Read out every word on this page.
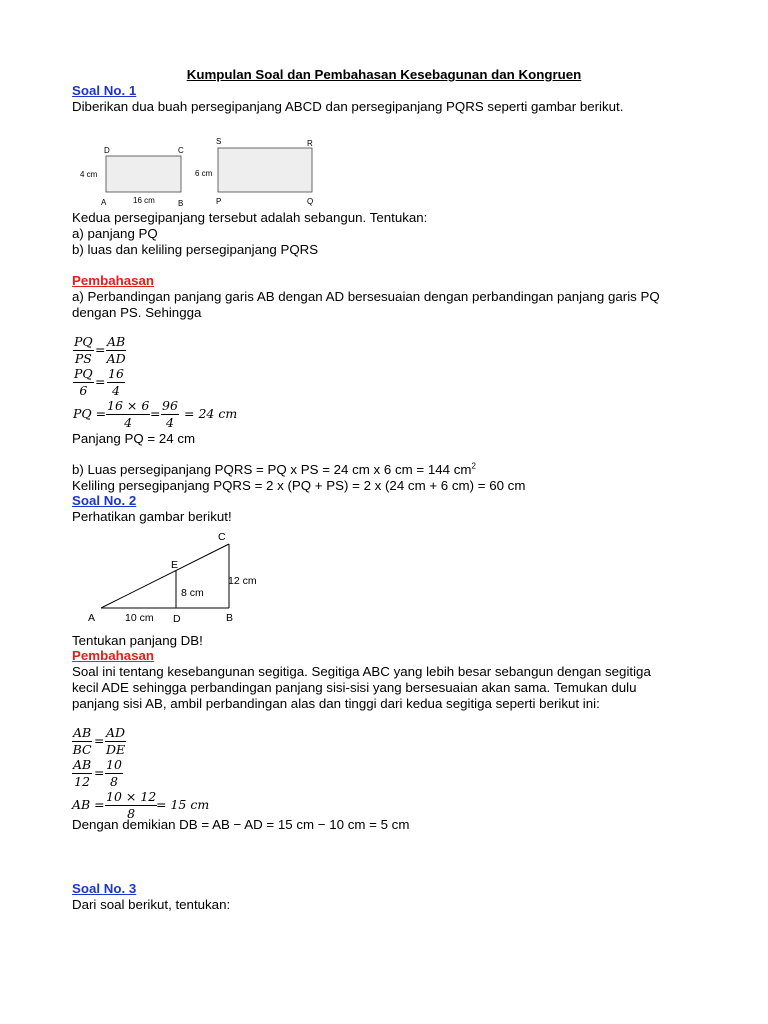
Kumpulan Soal dan Pembahasan Kesebagunan dan Kongruen
Soal No. 1
Diberikan dua buah persegipanjang ABCD dan persegipanjang PQRS seperti gambar berikut.
D	C
A	B
4 cm
16 cm
S	R
P	Q
6 cm
Kedua persegipanjang tersebut adalah sebangun. Tentukan:
a) panjang PQ
b) luas dan keliling persegipanjang PQRS
Pembahasan
a) Perbandingan panjang garis AB dengan AD bersesuaian dengan perbandingan panjang garis PQ
dengan PS. Sehingga
$\frac{PQ}{PS} = \frac{AB}{AD}$
$\frac{PQ}{6} = \frac{16}{4}$
PQ = $\frac{16 \times 6}{4} = \frac{96}{4} = 24$ cm
Panjang PQ = 24 cm
b) Luas persegipanjang PQRS = PQ x PS = 24 cm x 6 cm = 144 $cm^2$
Keliling persegipanjang PQRS = 2 x (PQ + PS) = 2 x (24 cm + 6 cm) = 60 cm
Soal No. 2
Perhatikan gambar berikut!
C
E
12 cm
8 cm
A	10 cm D	B
Tentukan panjang DB!
Pembahasan
Soal ini tentang kesebangunan segitiga. Segitiga ABC yang lebih besar sebangun dengan segitiga
kecil ADE sehingga perbandingan panjang sisi-sisi yang bersesuaian akan sama. Temukan dulu
panjang sisi AB, ambil perbandingan alas dan tinggi dari kedua segitiga seperti berikut ini:
$\frac{AB}{BC} = \frac{AD}{DE}$
$\frac{AB}{12} = \frac{10}{8}$
AB = $\frac{10 \times 12}{8}$
= 15 cm
Dengan demikian DB = AB − AD = 15 cm − 10 cm = 5 cm
Soal No. 3
Dari soal berikut, tentukan:
